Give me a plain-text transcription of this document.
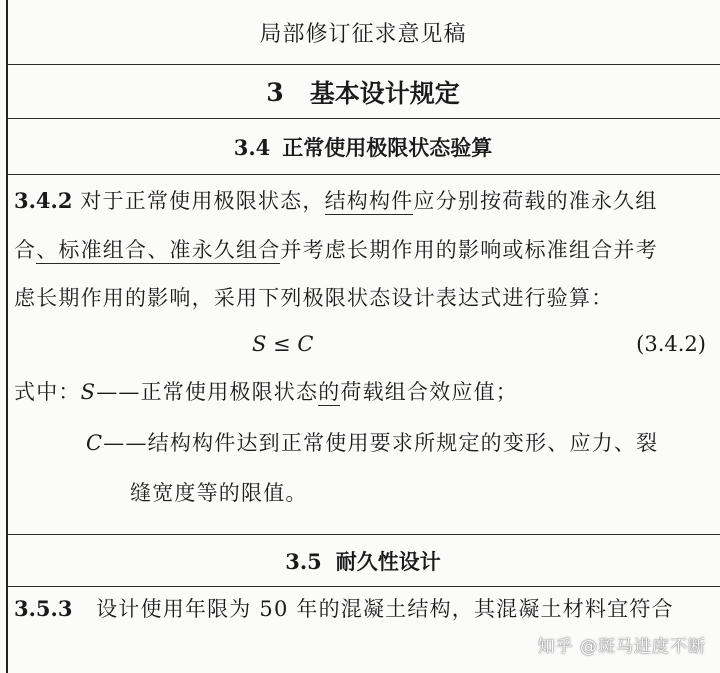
局部修订征求意见稿
3 基本设计规定
3.4 正常使用极限状态验算
3.4.2 对于正常使用极限状态，结构构件应分别按荷载的准永久组
合、标准组合、准永久组合并考虑长期作用的影响或标准组合并考
虑长期作用的影响，采用下列极限状态设计表达式进行验算：
S ≤ C	(3.4.2)
式中：S——正常使用极限状态的荷载组合效应值；
C——结构构件达到正常使用要求所规定的变形、应力、裂
缝宽度等的限值。
3.5 耐久性设计
3.5.3 设计使用年限为 50 年的混凝土结构，其混凝土材料宜符合
知乎 @斑马进度不断
